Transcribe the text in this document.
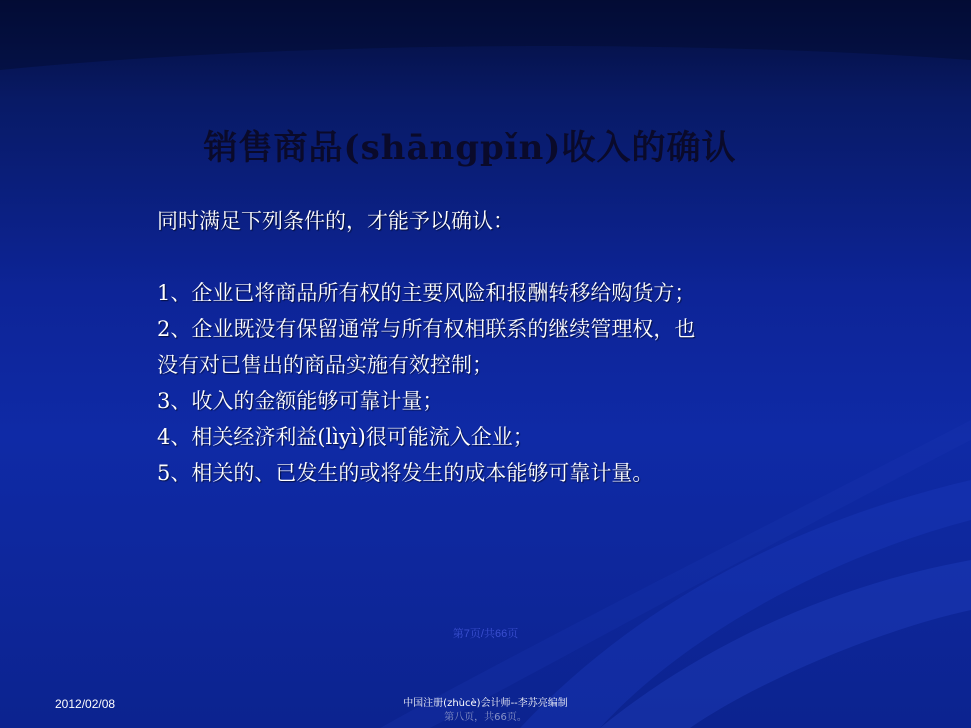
销售商品(shāngpǐn)收入的确认
同时满足下列条件的，才能予以确认：
1、企业已将商品所有权的主要风险和报酬转移给购货方；
2、企业既没有保留通常与所有权相联系的继续管理权，也
没有对已售出的商品实施有效控制；
3、收入的金额能够可靠计量；
4、相关经济利益(lìyì)很可能流入企业；
5、相关的、已发生的或将发生的成本能够可靠计量。
第7页/共66页
2012/02/08	中国注册(zhùcè)会计师--李苏亮编制
第八页，共66页。
